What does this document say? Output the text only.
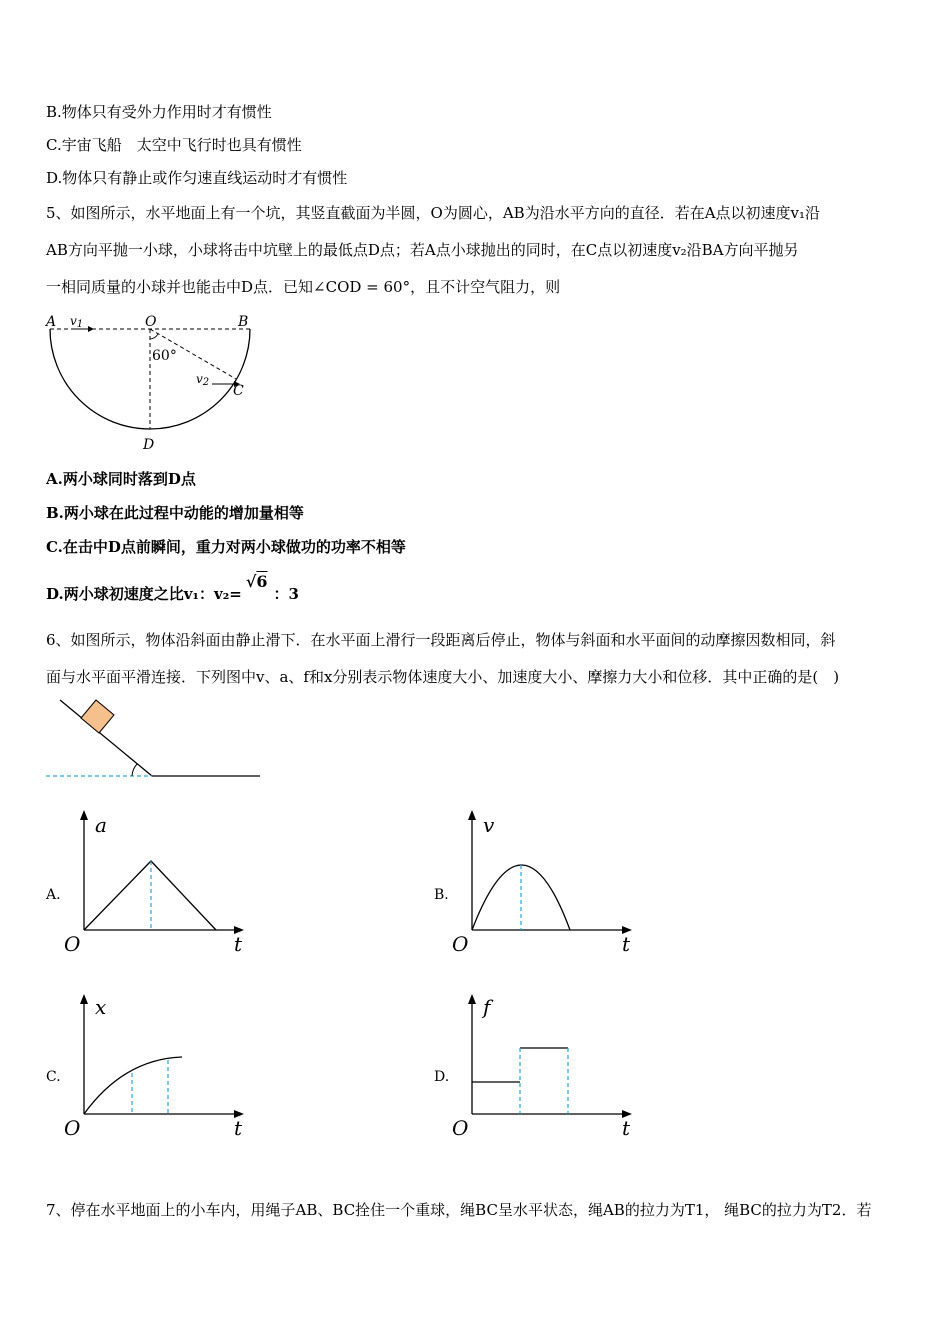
B.物体只有受外力作用时才有惯性
C.宇宙飞船　太空中飞行时也具有惯性
D.物体只有静止或作匀速直线运动时才有惯性
5、如图所示，水平地面上有一个坑，其竖直截面为半圆，O为圆心，AB为沿水平方向的直径．若在A点以初速度v₁沿
AB方向平抛一小球，小球将击中坑壁上的最低点D点；若A点小球抛出的同时，在C点以初速度v₂沿BA方向平抛另
一相同质量的小球并也能击中D点．已知∠COD = 60°，且不计空气阻力，则
A $v_1$	O	B
60°
$v_2$
C
D
A.两小球同时落到D点
B.两小球在此过程中动能的增加量相等
C.在击中D点前瞬间，重力对两小球做功的功率不相等
D.两小球初速度之比v₁：v₂=√6：3
6、如图所示，物体沿斜面由静止滑下．在水平面上滑行一段距离后停止，物体与斜面和水平面间的动摩擦因数相同，斜
面与水平面平滑连接．下列图中v、a、f和x分别表示物体速度大小、加速度大小、摩擦力大小和位移．其中正确的是(　)
A.
a
O	t
B.
v
O	t
C.
x
O	t
D.
f
O	t
7、停在水平地面上的小车内，用绳子AB、BC拴住一个重球，绳BC呈水平状态，绳AB的拉力为T1， 绳BC的拉力为T2．若
